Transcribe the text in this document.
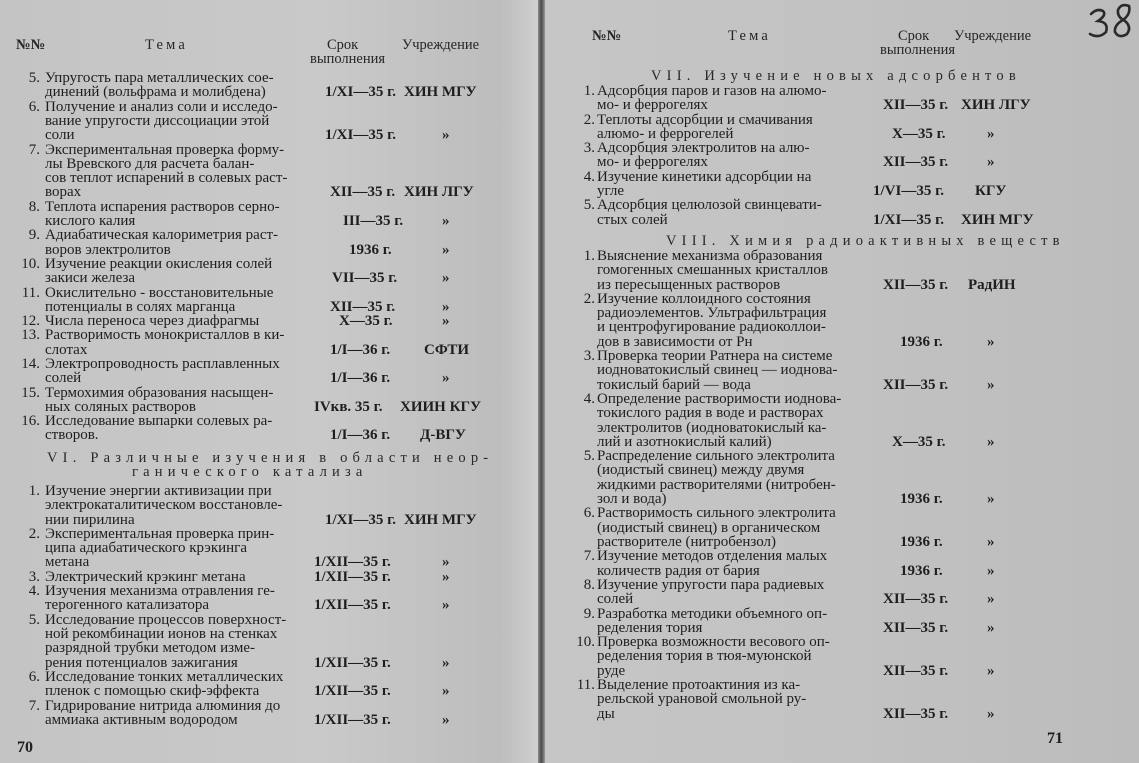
№№	Тема	Срок
выполнения
Учреждение
5. Упругость пара металлических сое-
динений (вольфрама и молибдена)	1/XI—35 г. ХИН МГУ
6. Получение и анализ соли и исследо-
вание упругости диссоциации этой
соли	1/XI—35 г.	»
7. Экспериментальная проверка форму-
лы Вревского для расчета балан-
сов теплот испарений в солевых раст-
ворах	XII—35 г. ХИН ЛГУ
8. Теплота испарения растворов серно-
кислого калия	III—35 г.	»
9. Адиабатическая калориметрия раст-
воров электролитов	1936 г.	»
10. Изучение реакции окисления солей
закиси железа	VII—35 г.	»
11. Окислительно - восстановительные
потенциалы в солях марганца	XII—35 г.	»
12. Числа переноса через диафрагмы	X—35 г.	»
13. Растворимость монокристаллов в ки-
слотах	1/I—36 г. СФТИ
14. Электропроводность расплавленных
солей	1/I—36 г.	»
15. Термохимия образования насыщен-
ных соляных растворов	IVкв. 35 г. ХИИН КГУ
16. Исследование выпарки солевых ра-
створов.	1/I—36 г. Д-ВГУ
VI. Различные изучения в области неор-
ганического катализа
1. Изучение энергии активизации при
электрокаталитическом восстановле-
нии пирилина	1/XI—35 г. ХИН МГУ
2. Экспериментальная проверка прин-
ципа адиабатического крэкинга
метана	1/XII—35 г.	»
3. Электрический крэкинг метана	1/XII—35 г.	»
4. Изучения механизма отравления ге-
терогенного катализатора	1/XII—35 г.	»
5. Исследование процессов поверхност-
ной рекомбинации ионов на стенках
разрядной трубки методом изме-
рения потенциалов зажигания	1/XII—35 г.	»
6. Исследование тонких металлических
пленок с помощью скиф-эффекта	1/XII—35 г.	»
7. Гидрирование нитрида алюминия до
аммиака активным водородом	1/XII—35 г.	»
70
№№	Тема	Срок
выполнения
Учреждение
VII. Изучение новых адсорбентов
1. Адсорбция паров и газов на алюмо-
мо- и феррогелях	XII—35 г. ХИН ЛГУ
2. Теплоты адсорбции и смачивания
алюмо- и феррогелей	X—35 г.	»
3. Адсорбция электролитов на алю-
мо- и феррогелях	XII—35 г.	»
4. Изучение кинетики адсорбции на
угле	1/VI—35 г. КГУ
5. Адсорбция целюлозой свинцевати-
стых солей	1/XI—35 г. ХИН МГУ
VIII. Химия радиоактивных веществ
1. Выяснение механизма образования
гомогенных смешанных кристаллов
из пересыщенных растворов	XII—35 г. РадИН
2. Изучение коллоидного состояния
радиоэлементов. Ультрафильтрация
и центрофугирование радиоколлои-
дов в зависимости от Pн	1936 г.	»
3. Проверка теории Ратнера на системе
иодноватокислый свинец — иоднова-
токислый барий — вода	XII—35 г.	»
4. Определение растворимости иоднова-
токислого радия в воде и растворах
электролитов (иодноватокислый ка-
лий и азотнокислый калий)	X—35 г.	»
5. Распределение сильного электролита
(иодистый свинец) между двумя
жидкими растворителями (нитробен-
зол и вода)	1936 г.	»
6. Растворимость сильного электролита
(иодистый свинец) в органическом
растворителе (нитробензол)	1936 г.	»
7. Изучение методов отделения малых
количеств радия от бария	1936 г.	»
8. Изучение упругости пара радиевых
солей	XII—35 г.	»
9. Разработка методики объемного оп-
ределения тория	XII—35 г.	»
10. Проверка возможности весового оп-
ределения тория в тюя-муюнской
руде	XII—35 г.	»
11. Выделение протоактиния из ка-
рельской урановой смольной ру-
ды	XII—35 г.	»
71
